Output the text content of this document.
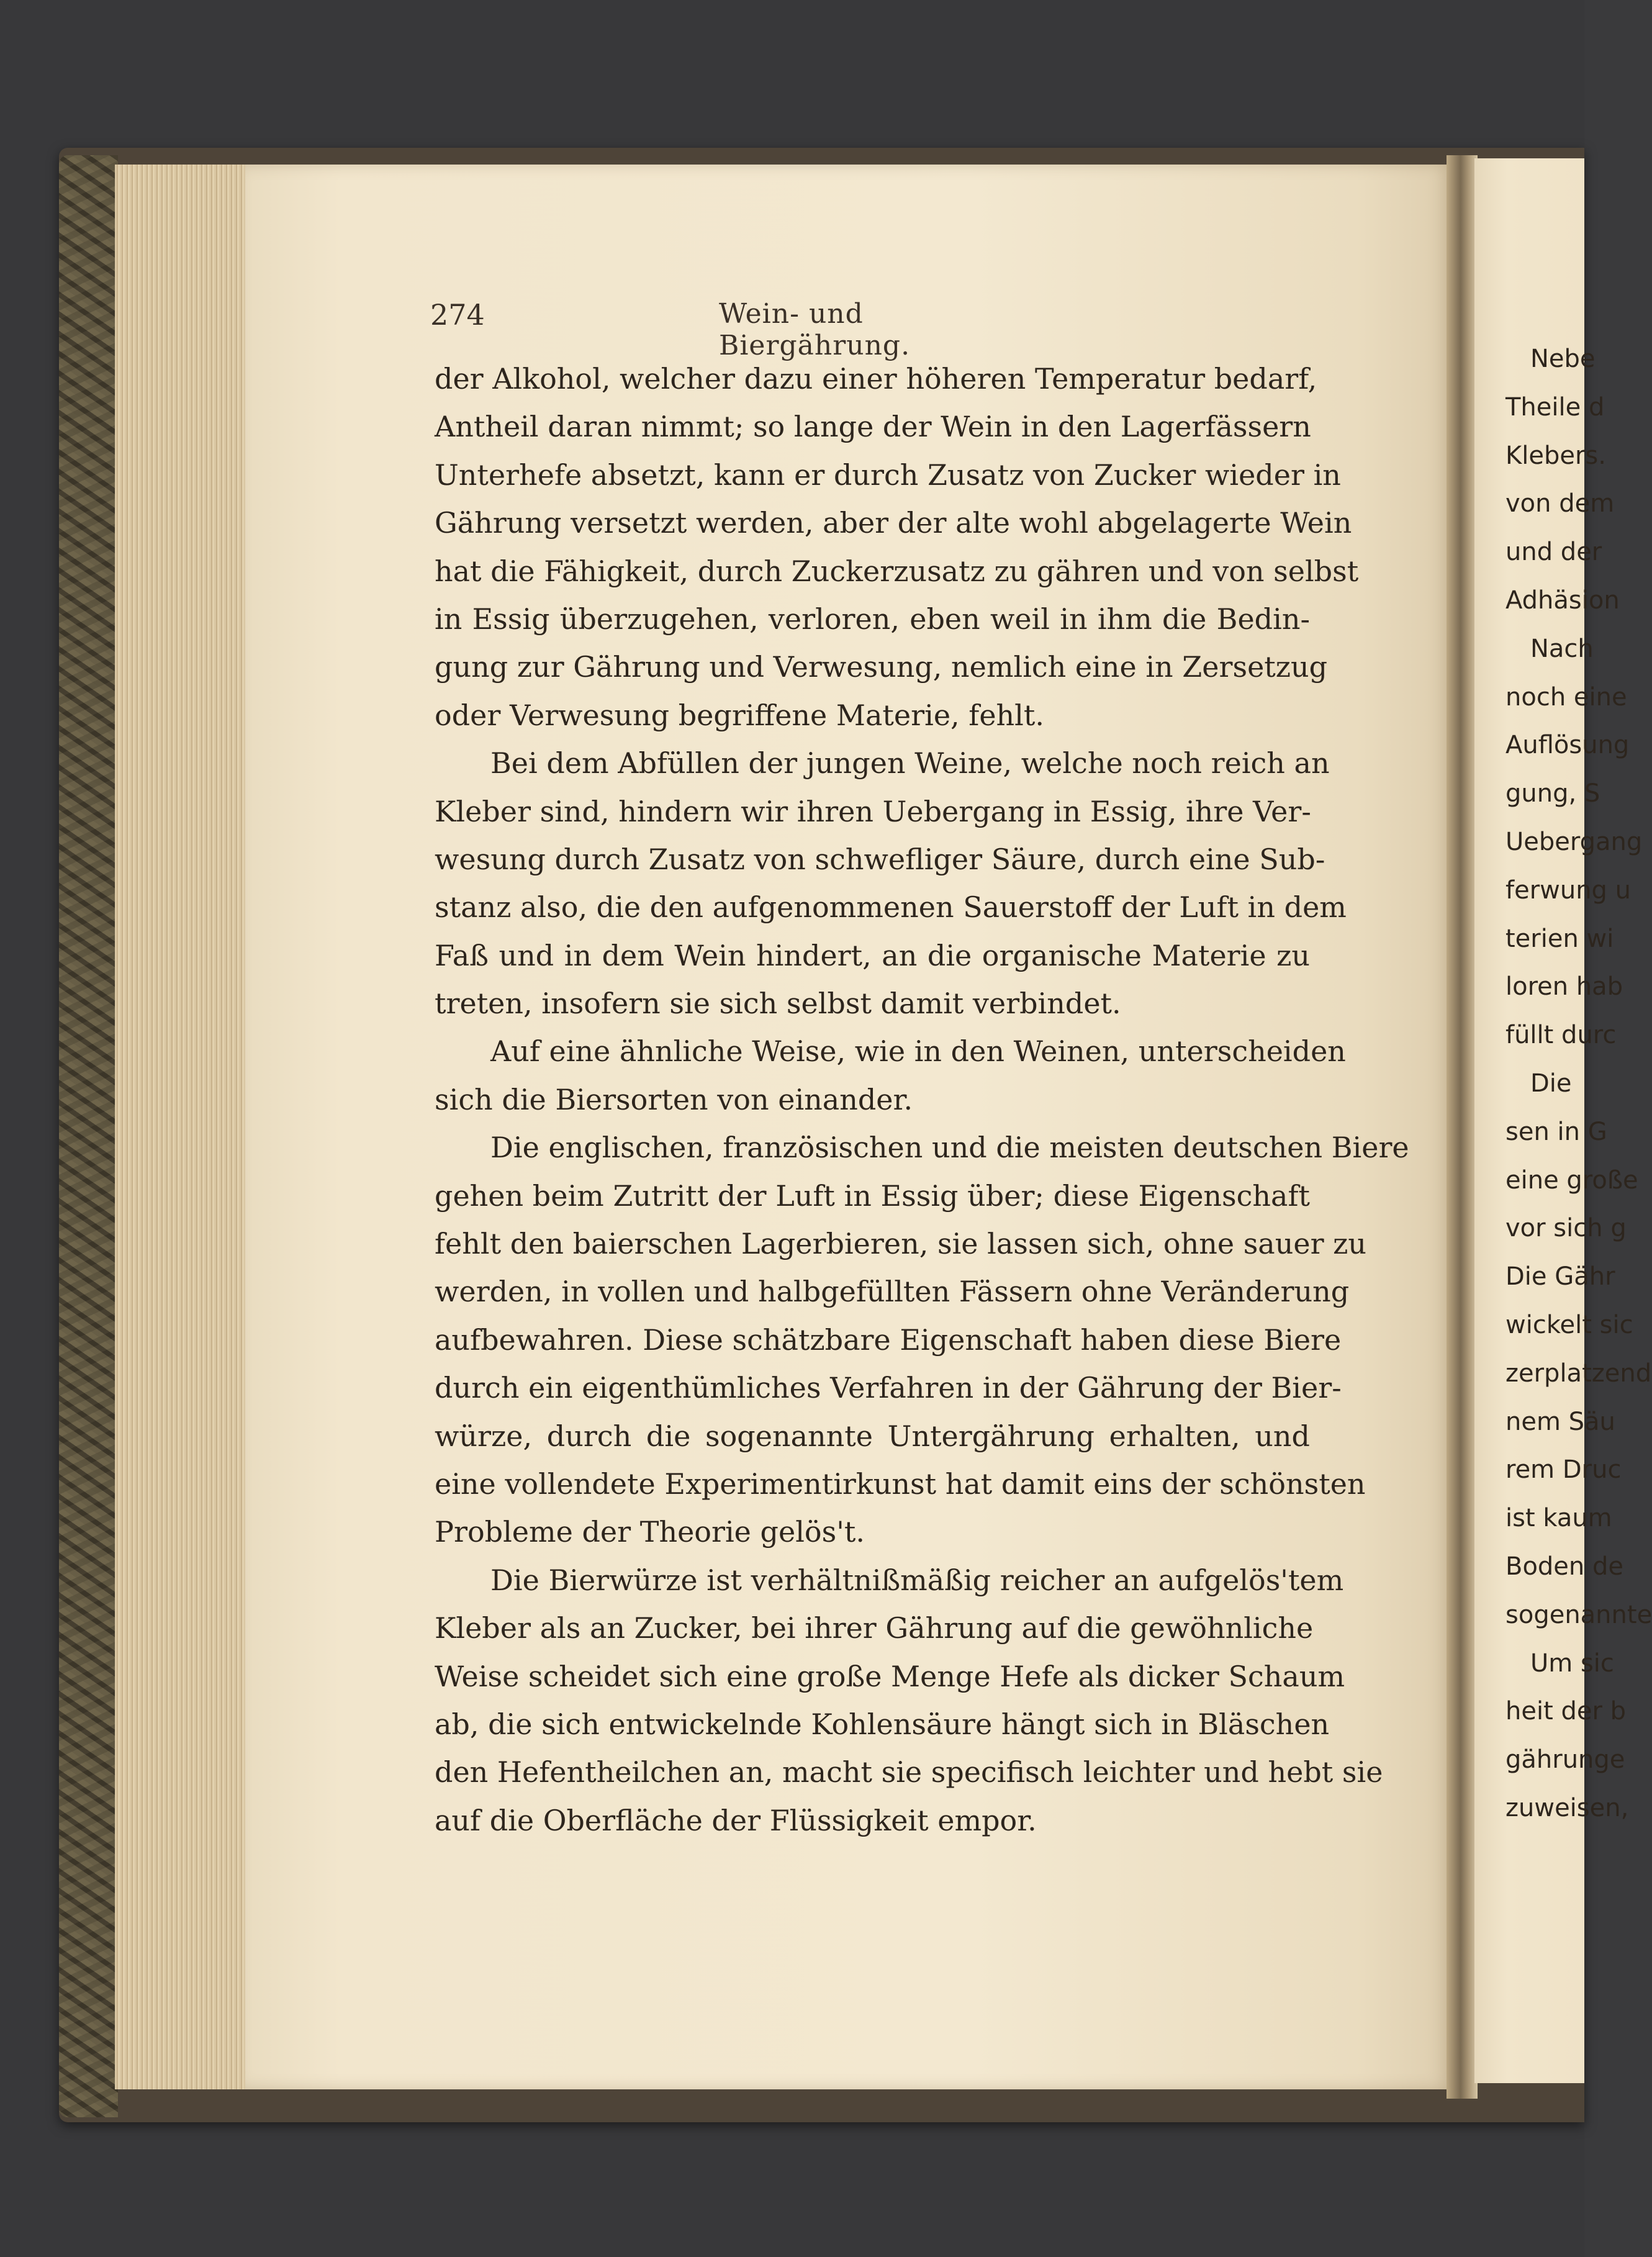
274	Wein- und Biergährung.
der Alkohol, welcher dazu einer höheren Temperatur bedarf,
Antheil daran nimmt; so lange der Wein in den Lagerfässern
Unterhefe absetzt, kann er durch Zusatz von Zucker wieder in
Gährung versetzt werden, aber der alte wohl abgelagerte Wein
hat die Fähigkeit, durch Zuckerzusatz zu gähren und von selbst
in Essig überzugehen, verloren, eben weil in ihm die Bedin-
gung zur Gährung und Verwesung, nemlich eine in Zersetzug
oder Verwesung begriffene Materie, fehlt.
Bei dem Abfüllen der jungen Weine, welche noch reich an
Kleber sind, hindern wir ihren Uebergang in Essig, ihre Ver-
wesung durch Zusatz von schwefliger Säure, durch eine Sub-
stanz also, die den aufgenommenen Sauerstoff der Luft in dem
Faß und in dem Wein hindert, an die organische Materie zu
treten, insofern sie sich selbst damit verbindet.
Auf eine ähnliche Weise, wie in den Weinen, unterscheiden
sich die Biersorten von einander.
Die englischen, französischen und die meisten deutschen Biere
gehen beim Zutritt der Luft in Essig über; diese Eigenschaft
fehlt den baierschen Lagerbieren, sie lassen sich, ohne sauer zu
werden, in vollen und halbgefüllten Fässern ohne Veränderung
aufbewahren. Diese schätzbare Eigenschaft haben diese Biere
durch ein eigenthümliches Verfahren in der Gährung der Bier-
würze, durch die sogenannte Untergährung erhalten, und
eine vollendete Experimentirkunst hat damit eins der schönsten
Probleme der Theorie gelös't.
Die Bierwürze ist verhältnißmäßig reicher an aufgelös'tem
Kleber als an Zucker, bei ihrer Gährung auf die gewöhnliche
Weise scheidet sich eine große Menge Hefe als dicker Schaum
ab, die sich entwickelnde Kohlensäure hängt sich in Bläschen
den Hefentheilchen an, macht sie specifisch leichter und hebt sie
auf die Oberfläche der Flüssigkeit empor.
Nebe
Theile d
Klebers.
von dem
und der
Adhäsion
Nach
noch eine
Auflösung
gung, S
Uebergang
ferwung u
terien wi
loren hab
füllt durc
Die
sen in G
eine große
vor sich g
Die Gähr
wickelt sic
zerplatzend
nem Säu
rem Druc
ist kaum
Boden de
sogenannte
Um sic
heit der b
gährunge
zuweisen,
